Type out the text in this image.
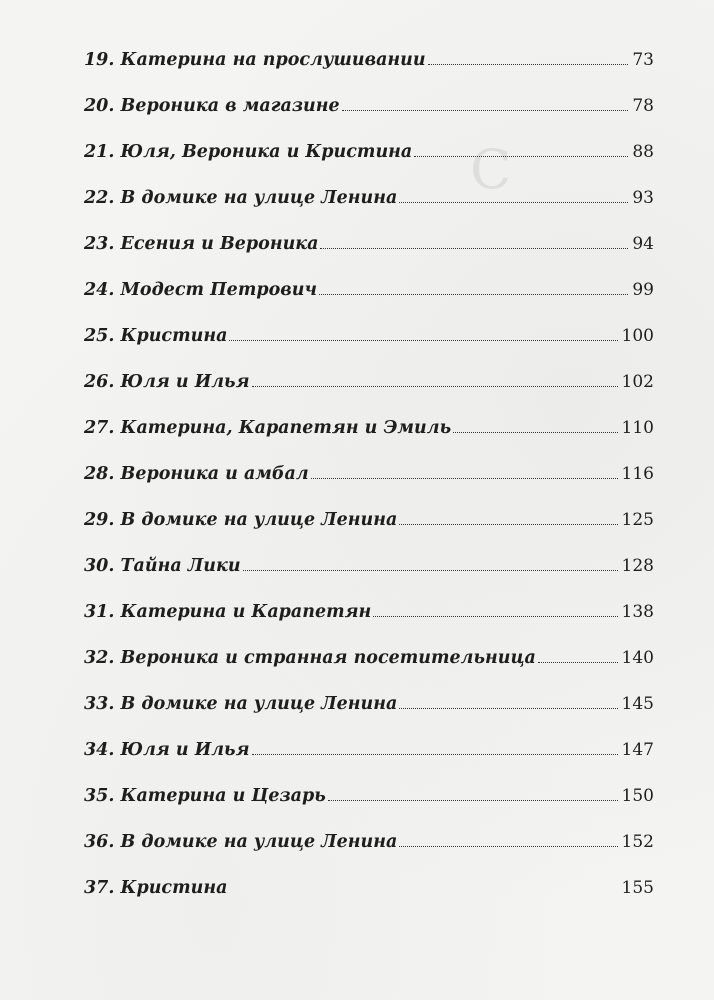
С
19. Катерина на прослушивании	73
20. Вероника в магазине	78
21. Юля, Вероника и Кристина	88
22. В домике на улице Ленина	93
23. Есения и Вероника	94
24. Модест Петрович	99
25. Кристина	100
26. Юля и Илья	102
27. Катерина, Карапетян и Эмиль	110
28. Вероника и амбал	116
29. В домике на улице Ленина	125
30. Тайна Лики	128
31. Катерина и Карапетян	138
32. Вероника и странная посетительница	140
33. В домике на улице Ленина	145
34. Юля и Илья	147
35. Катерина и Цезарь	150
36. В домике на улице Ленина	152
37. Кристина	155
